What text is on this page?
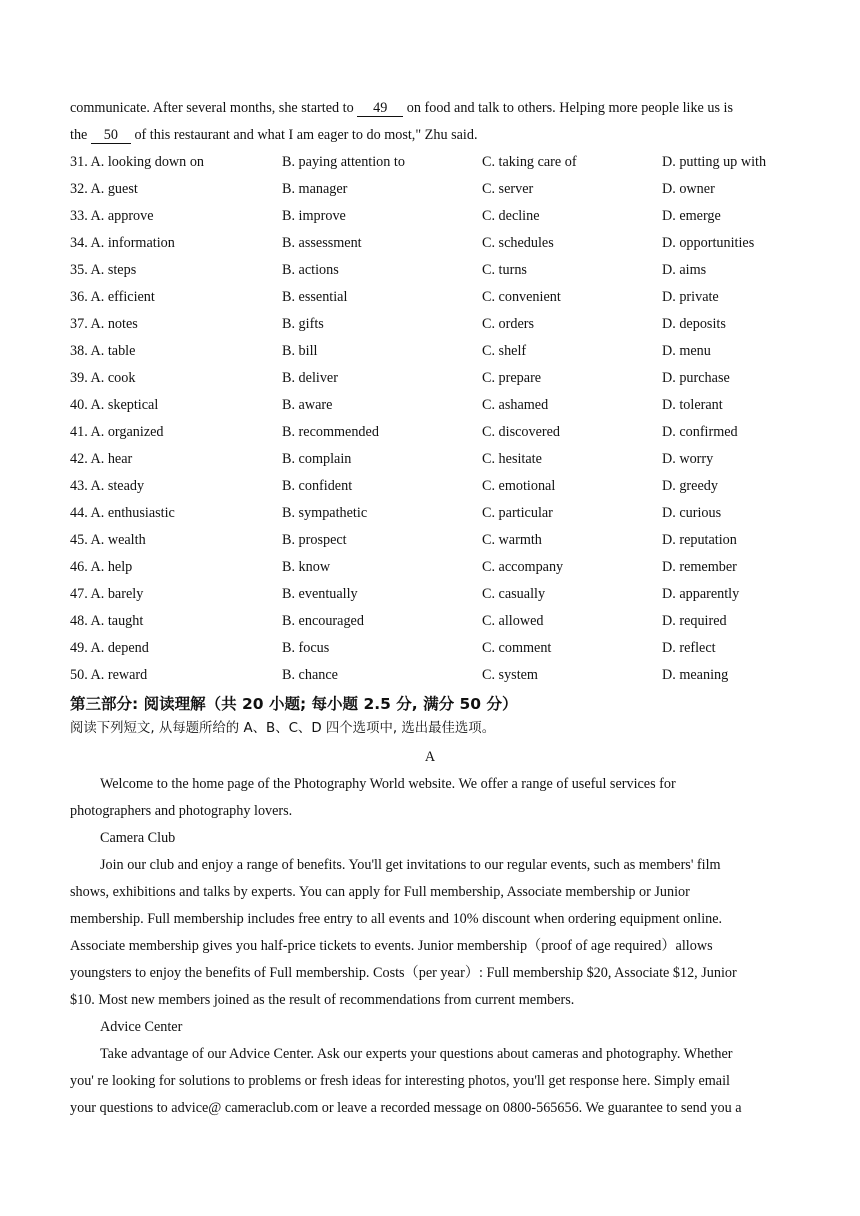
communicate. After several months, she started to 49 on food and talk to others. Helping more people like us is
the 50 of this restaurant and what I am eager to do most," Zhu said.
31. A. looking down on	B. paying attention to	C. taking care of	D. putting up with
32. A. guest	B. manager	C. server	D. owner
33. A. approve	B. improve	C. decline	D. emerge
34. A. information	B. assessment	C. schedules	D. opportunities
35. A. steps	B. actions	C. turns	D. aims
36. A. efficient	B. essential	C. convenient	D. private
37. A. notes	B. gifts	C. orders	D. deposits
38. A. table	B. bill	C. shelf	D. menu
39. A. cook	B. deliver	C. prepare	D. purchase
40. A. skeptical	B. aware	C. ashamed	D. tolerant
41. A. organized	B. recommended	C. discovered	D. confirmed
42. A. hear	B. complain	C. hesitate	D. worry
43. A. steady	B. confident	C. emotional	D. greedy
44. A. enthusiastic	B. sympathetic	C. particular	D. curious
45. A. wealth	B. prospect	C. warmth	D. reputation
46. A. help	B. know	C. accompany	D. remember
47. A. barely	B. eventually	C. casually	D. apparently
48. A. taught	B. encouraged	C. allowed	D. required
49. A. depend	B. focus	C. comment	D. reflect
50. A. reward	B. chance	C. system	D. meaning
第三部分: 阅读理解（共 20 小题; 每小题 2.5 分, 满分 50 分）
阅读下列短文, 从每题所给的 A、B、C、D 四个选项中, 选出最佳选项。
A
Welcome to the home page of the Photography World website. We offer a range of useful services for
photographers and photography lovers.
Camera Club
Join our club and enjoy a range of benefits. You'll get invitations to our regular events, such as members' film
shows, exhibitions and talks by experts. You can apply for Full membership, Associate membership or Junior
membership. Full membership includes free entry to all events and 10% discount when ordering equipment online.
Associate membership gives you half-price tickets to events. Junior membership（proof of age required）allows
youngsters to enjoy the benefits of Full membership. Costs（per year）: Full membership $20, Associate $12, Junior
$10. Most new members joined as the result of recommendations from current members.
Advice Center
Take advantage of our Advice Center. Ask our experts your questions about cameras and photography. Whether
you' re looking for solutions to problems or fresh ideas for interesting photos, you'll get response here. Simply email
your questions to advice@ cameraclub.com or leave a recorded message on 0800-565656. We guarantee to send you a
